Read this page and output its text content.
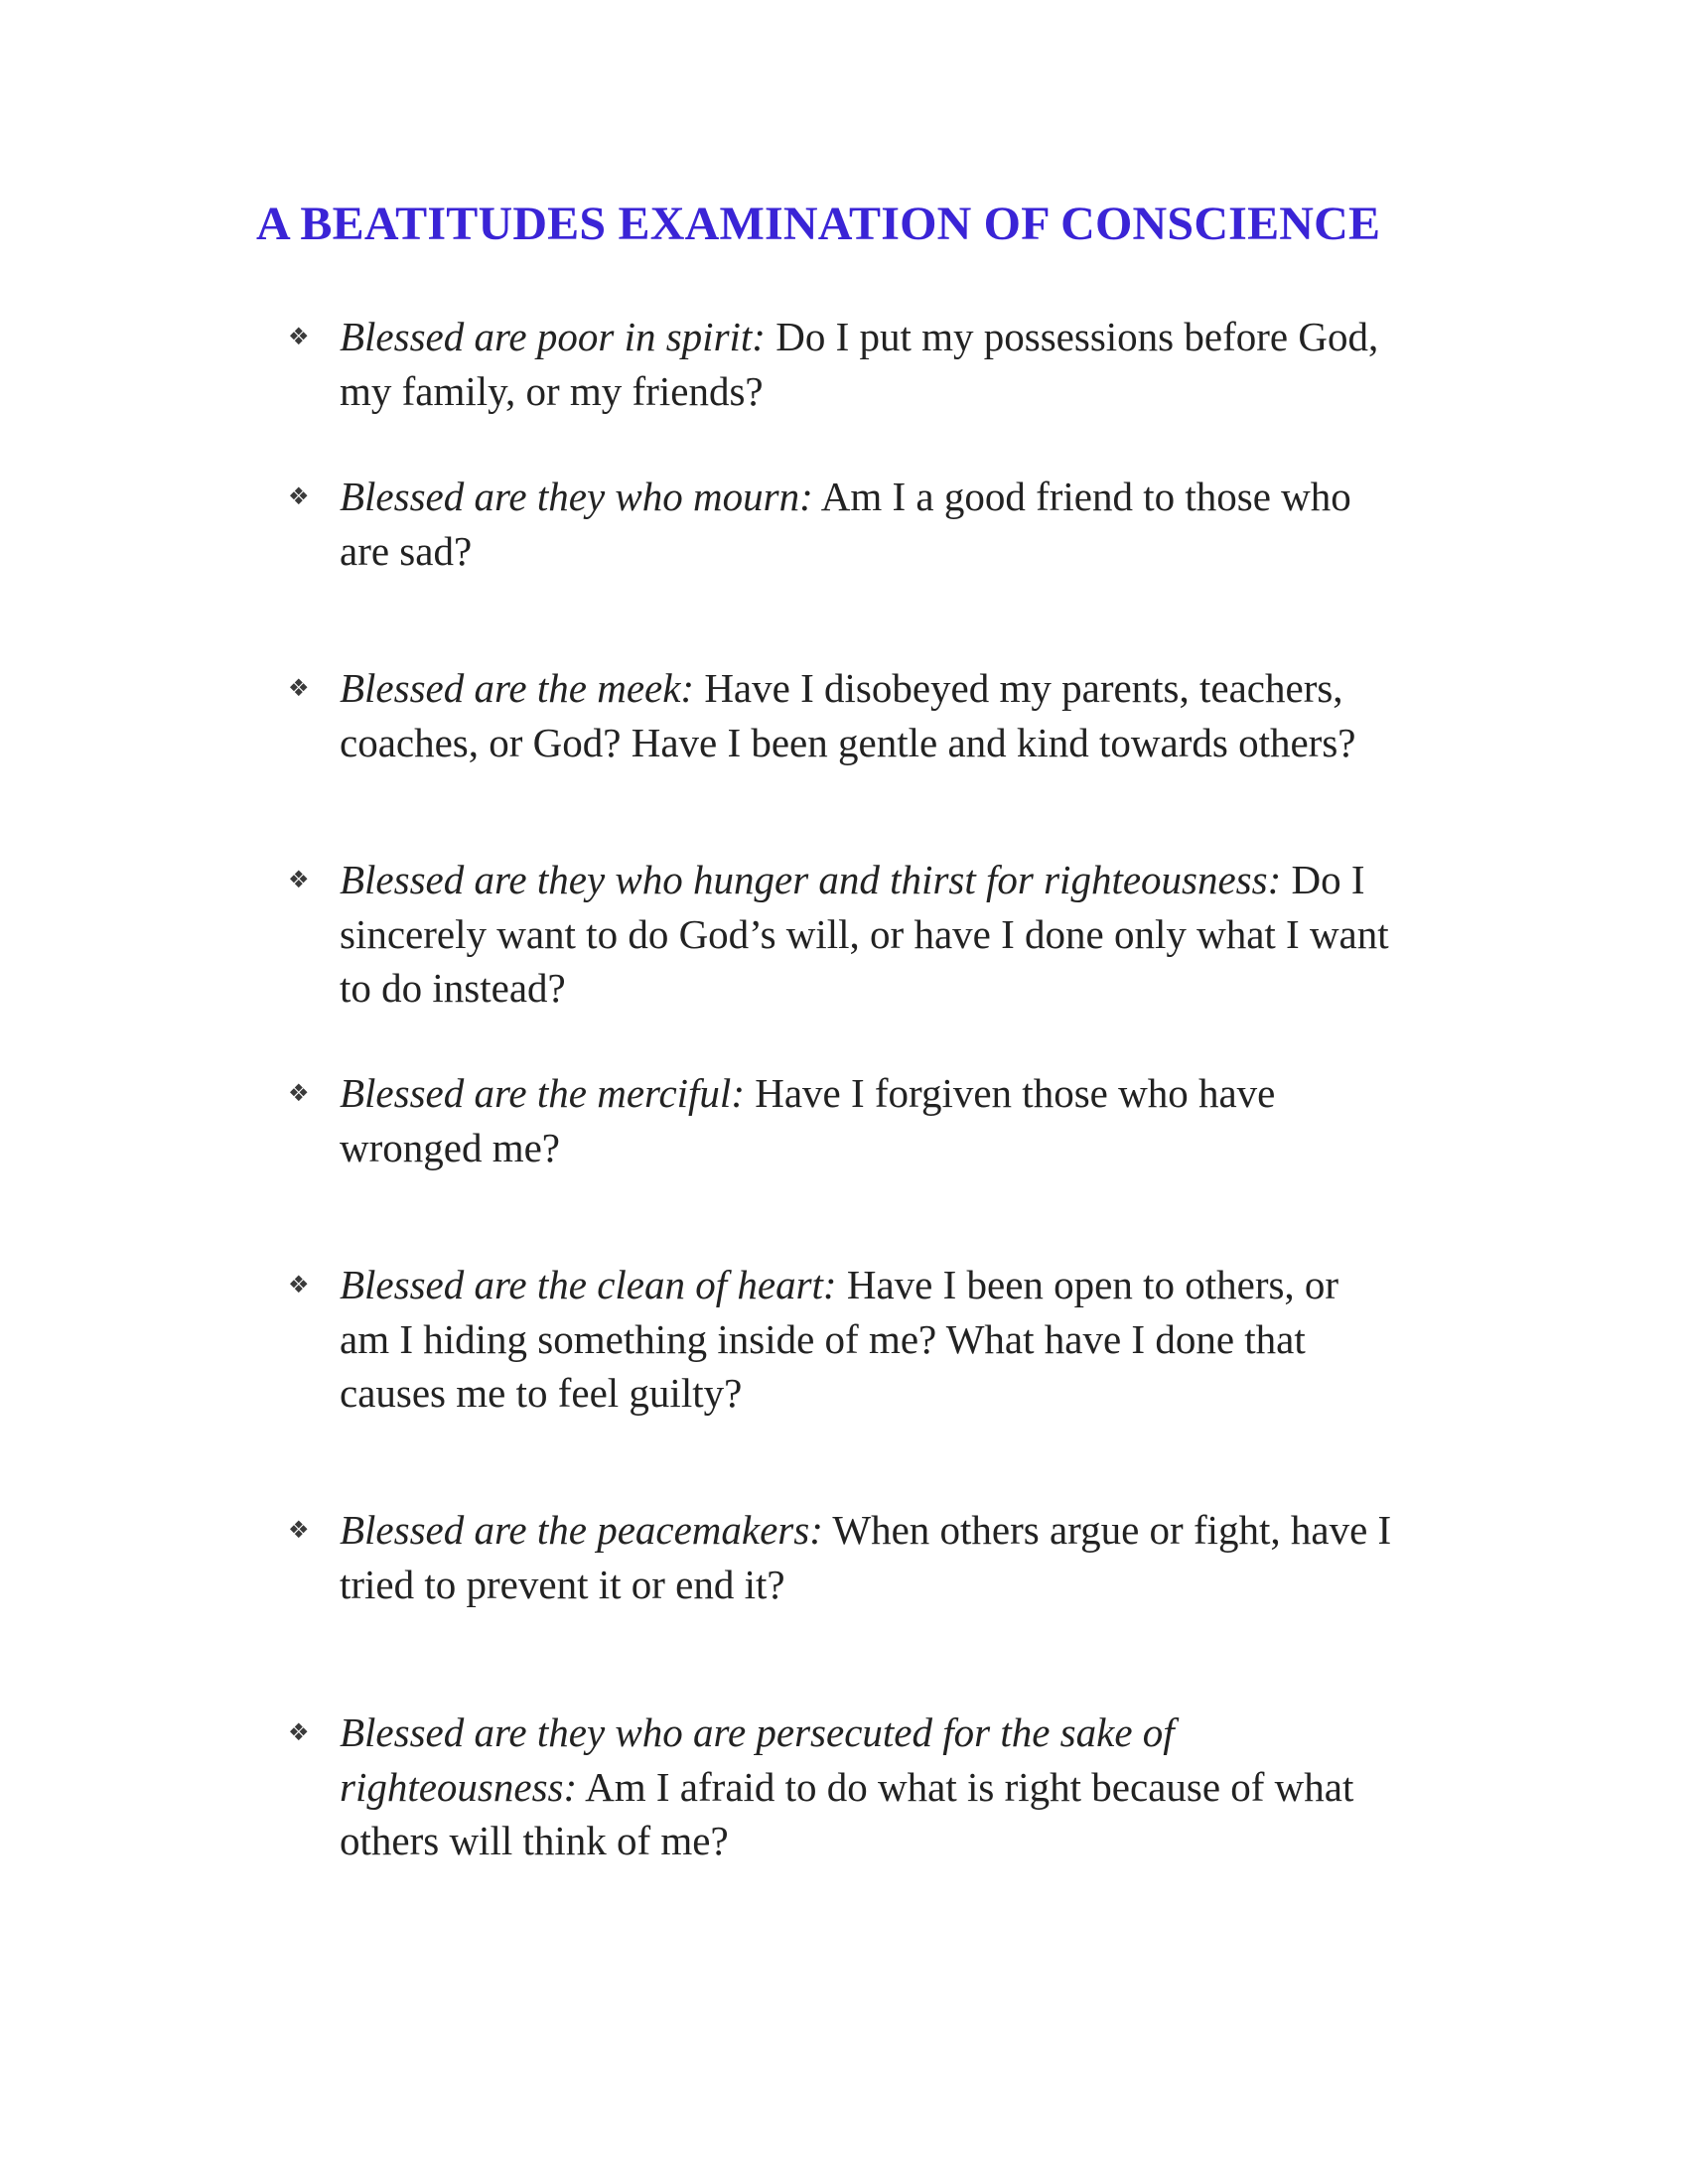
A BEATITUDES EXAMINATION OF CONSCIENCE
❖ Blessed are poor in spirit: Do I put my possessions before God,
my family, or my friends?

❖ Blessed are they who mourn: Am I a good friend to those who
are sad?

❖ Blessed are the meek: Have I disobeyed my parents, teachers,
coaches, or God? Have I been gentle and kind towards others?

❖ Blessed are they who hunger and thirst for righteousness: Do I
sincerely want to do God’s will, or have I done only what I want
to do instead?

❖ Blessed are the merciful: Have I forgiven those who have
wronged me?

❖ Blessed are the clean of heart: Have I been open to others, or
am I hiding something inside of me? What have I done that
causes me to feel guilty?

❖ Blessed are the peacemakers: When others argue or fight, have I
tried to prevent it or end it?

❖ Blessed are they who are persecuted for the sake of
righteousness: Am I afraid to do what is right because of what
others will think of me?
